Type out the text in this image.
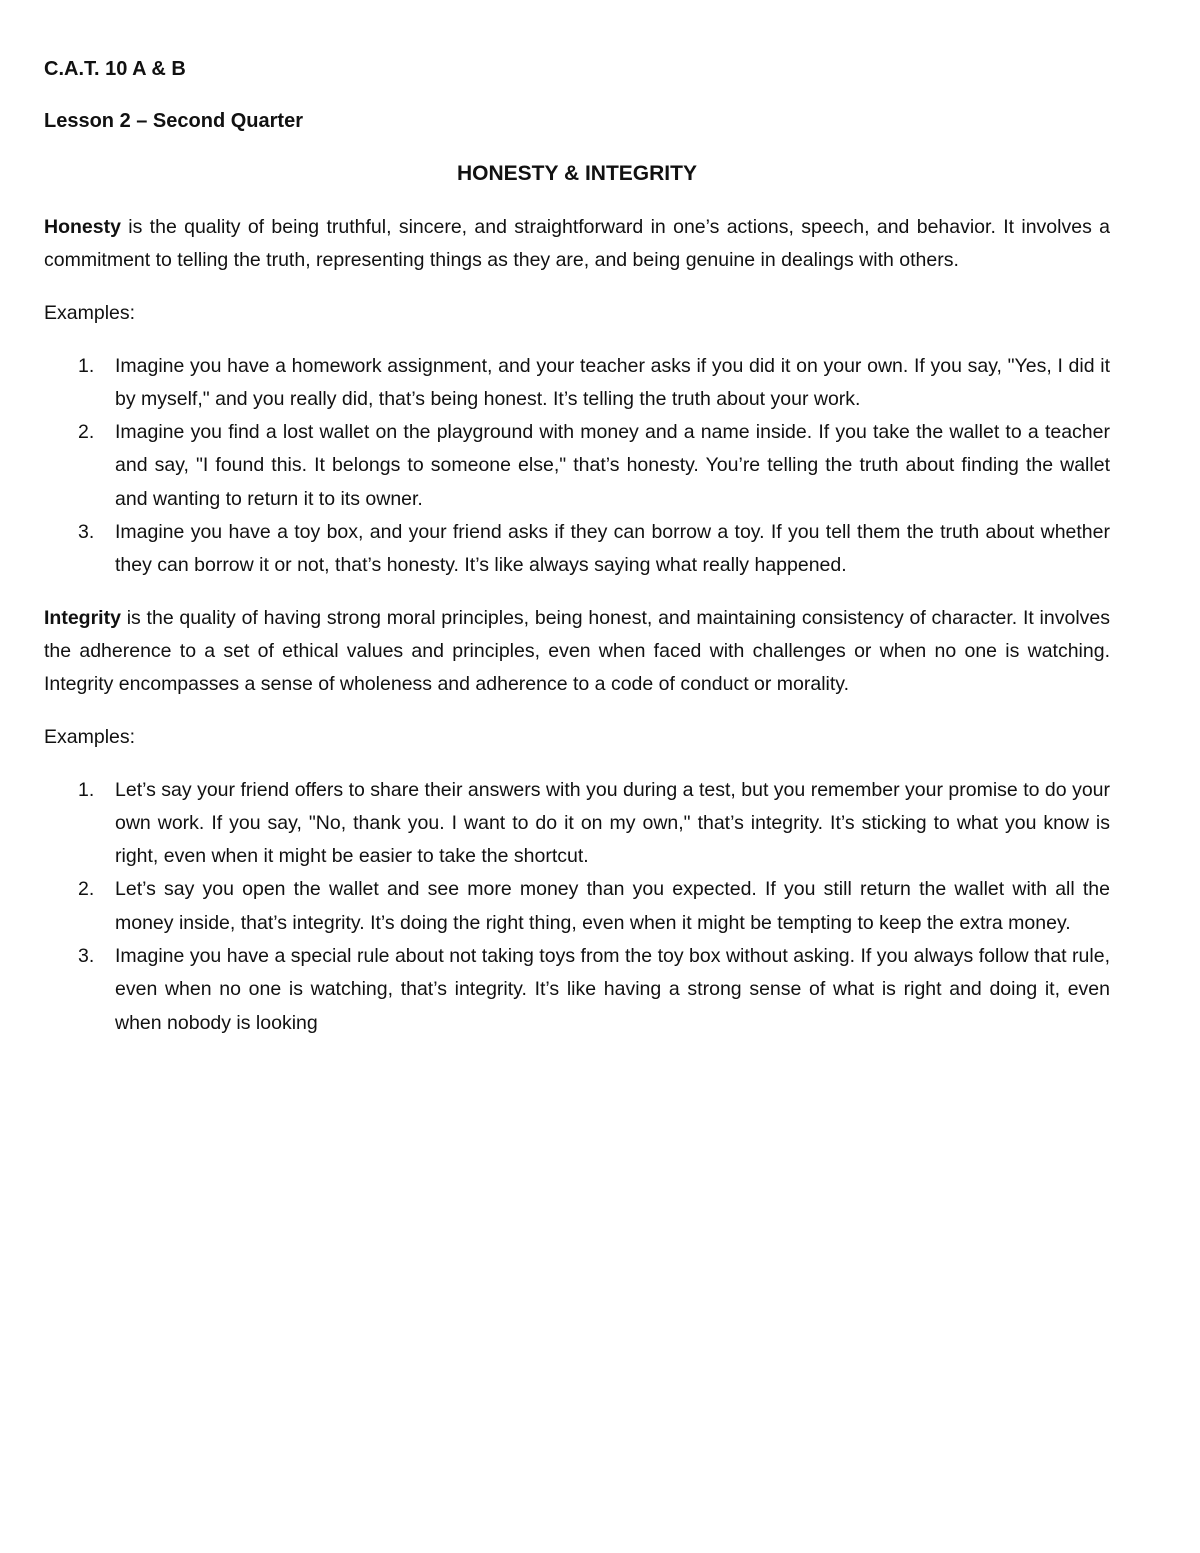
C.A.T. 10 A & B
Lesson 2 – Second Quarter
HONESTY & INTEGRITY

Honesty is the quality of being truthful, sincere, and straightforward in one’s actions, speech, and behavior. It involves a commitment to telling the truth, representing things as they are, and being genuine in dealings with others.

Examples:
1. Imagine you have a homework assignment, and your teacher asks if you did it on your own. If you say, "Yes, I did it by myself," and you really did, that’s being honest. It’s telling the truth about your work.
2. Imagine you find a lost wallet on the playground with money and a name inside. If you take the wallet to a teacher and say, "I found this. It belongs to someone else," that’s honesty. You’re telling the truth about finding the wallet and wanting to return it to its owner.
3. Imagine you have a toy box, and your friend asks if they can borrow a toy. If you tell them the truth about whether they can borrow it or not, that’s honesty. It’s like always saying what really happened.

Integrity is the quality of having strong moral principles, being honest, and maintaining consistency of character. It involves the adherence to a set of ethical values and principles, even when faced with challenges or when no one is watching. Integrity encompasses a sense of wholeness and adherence to a code of conduct or morality.

Examples:
1. Let’s say your friend offers to share their answers with you during a test, but you remember your promise to do your own work. If you say, "No, thank you. I want to do it on my own," that’s integrity. It’s sticking to what you know is right, even when it might be easier to take the shortcut.
2. Let’s say you open the wallet and see more money than you expected. If you still return the wallet with all the money inside, that’s integrity. It’s doing the right thing, even when it might be tempting to keep the extra money.
3. Imagine you have a special rule about not taking toys from the toy box without asking. If you always follow that rule, even when no one is watching, that’s integrity. It’s like having a strong sense of what is right and doing it, even when nobody is looking
